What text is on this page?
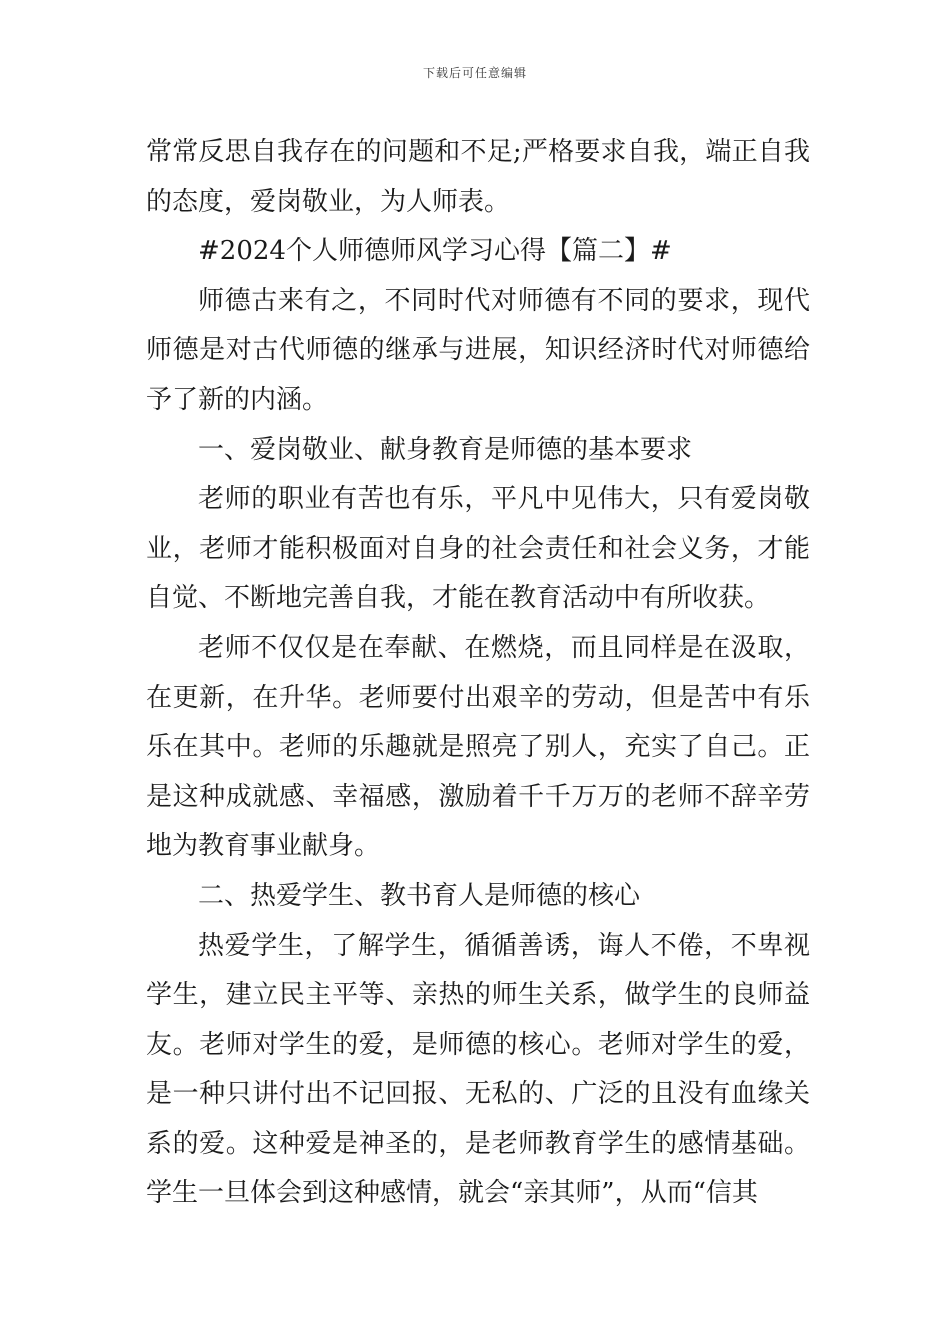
下载后可任意编辑

常常反思自我存在的问题和不足;严格要求自我，端正自我的态度，爱岗敬业，为人师表。

#2024个人师德师风学习心得【篇二】#

师德古来有之，不同时代对师德有不同的要求，现代师德是对古代师德的继承与进展，知识经济时代对师德给予了新的内涵。

一、爱岗敬业、献身教育是师德的基本要求

老师的职业有苦也有乐，平凡中见伟大，只有爱岗敬业，老师才能积极面对自身的社会责任和社会义务，才能自觉、不断地完善自我，才能在教育活动中有所收获。

老师不仅仅是在奉献、在燃烧，而且同样是在汲取，在更新，在升华。老师要付出艰辛的劳动，但是苦中有乐乐在其中。老师的乐趣就是照亮了别人，充实了自己。正是这种成就感、幸福感，激励着千千万万的老师不辞辛劳地为教育事业献身。

二、热爱学生、教书育人是师德的核心

热爱学生，了解学生，循循善诱，诲人不倦，不卑视学生，建立民主平等、亲热的师生关系，做学生的良师益友。老师对学生的爱，是师德的核心。老师对学生的爱，是一种只讲付出不记回报、无私的、广泛的且没有血缘关系的爱。这种爱是神圣的，是老师教育学生的感情基础。学生一旦体会到这种感情，就会“亲其师”，从而“信其
